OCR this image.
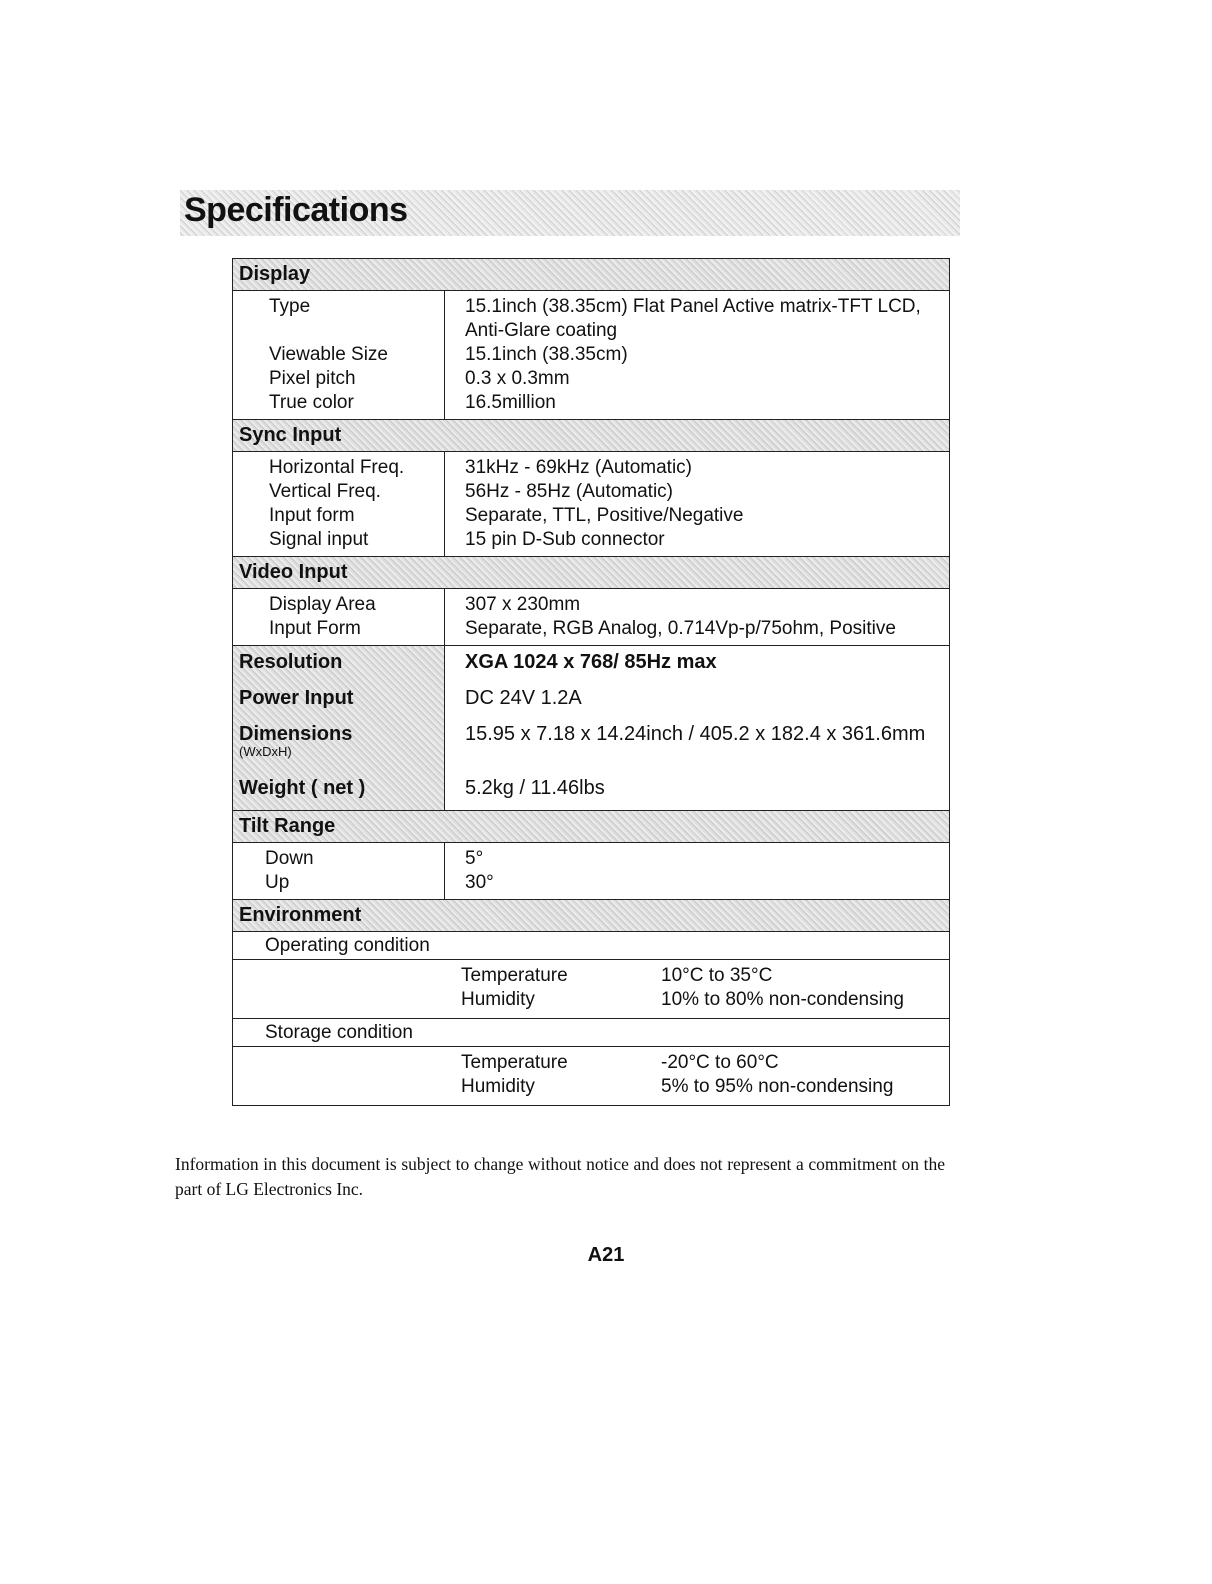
Specifications
Display
Type

Viewable Size
Pixel pitch
True color
15.1inch (38.35cm) Flat Panel Active matrix-TFT LCD,
Anti-Glare coating
15.1inch (38.35cm)
0.3 x 0.3mm
16.5million
Sync Input
Horizontal Freq.
Vertical Freq.
Input form
Signal input
31kHz - 69kHz (Automatic)
56Hz - 85Hz (Automatic)
Separate, TTL, Positive/Negative
15 pin D-Sub connector
Video Input
Display Area
Input Form
307 x 230mm
Separate, RGB Analog, 0.714Vp-p/75ohm, Positive
Resolution
Power Input
Dimensions
(WxDxH)
Weight ( net )
XGA 1024 x 768/ 85Hz max
DC 24V 1.2A
15.95 x 7.18 x 14.24inch / 405.2 x 182.4 x 361.6mm
5.2kg / 11.46lbs
Tilt Range
Down
Up
5°
30°
Environment
Operating condition
Temperature
Humidity
10°C to 35°C
10% to 80% non-condensing
Storage condition
Temperature
Humidity
-20°C to 60°C
5% to 95% non-condensing
Information in this document is subject to change without notice and does not represent a commitment on the part of LG Electronics Inc.
A21
